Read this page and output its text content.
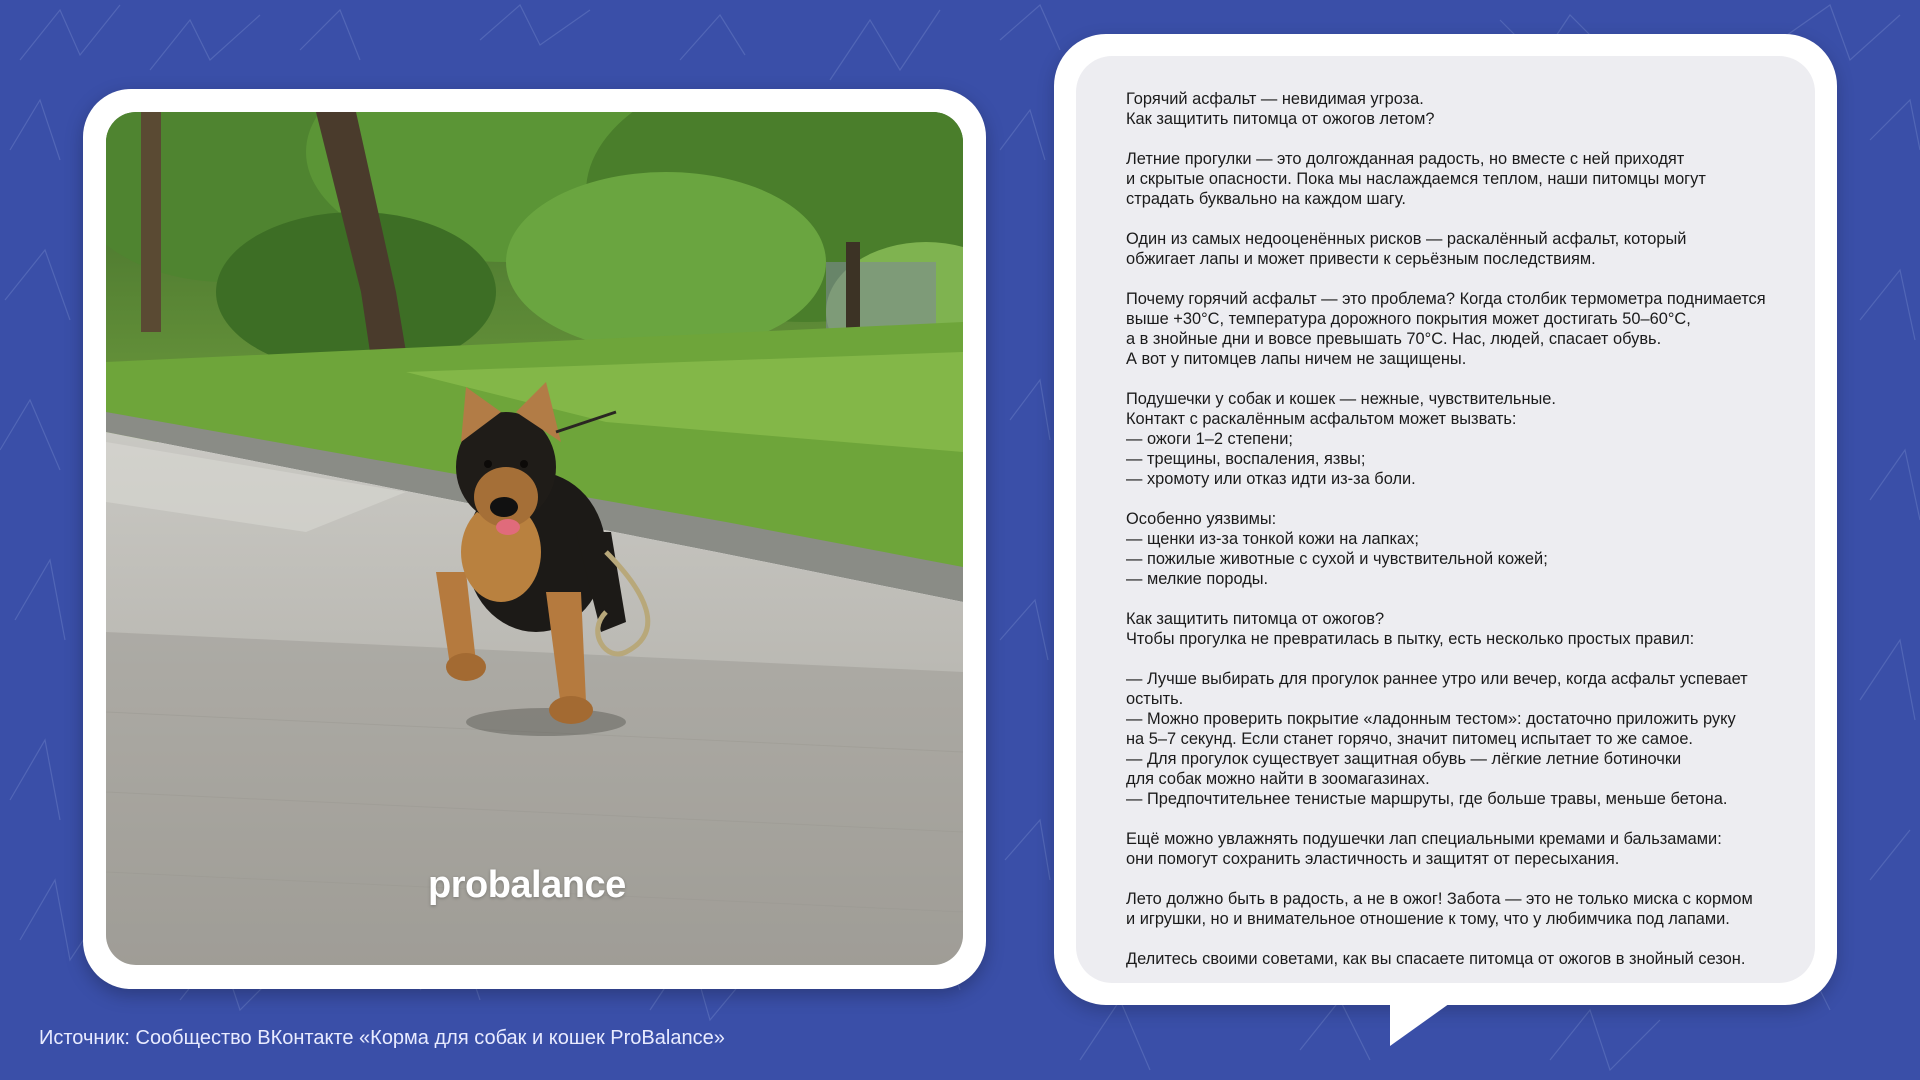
probalance

Горячий асфальт — невидимая угроза.
Как защитить питомца от ожогов летом?

Летние прогулки — это долгожданная радость, но вместе с ней приходят
и скрытые опасности. Пока мы наслаждаемся теплом, наши питомцы могут
страдать буквально на каждом шагу.

Один из самых недооценённых рисков — раскалённый асфальт, который
обжигает лапы и может привести к серьёзным последствиям.

Почему горячий асфальт — это проблема? Когда столбик термометра поднимается
выше +30°C, температура дорожного покрытия может достигать 50–60°C,
а в знойные дни и вовсе превышать 70°C. Нас, людей, спасает обувь.
А вот у питомцев лапы ничем не защищены.

Подушечки у собак и кошек — нежные, чувствительные.
Контакт с раскалённым асфальтом может вызвать:
— ожоги 1–2 степени;
— трещины, воспаления, язвы;
— хромоту или отказ идти из-за боли.

Особенно уязвимы:
— щенки из-за тонкой кожи на лапках;
— пожилые животные с сухой и чувствительной кожей;
— мелкие породы.

Как защитить питомца от ожогов?
Чтобы прогулка не превратилась в пытку, есть несколько простых правил:

— Лучше выбирать для прогулок раннее утро или вечер, когда асфальт успевает
остыть.
— Можно проверить покрытие «ладонным тестом»: достаточно приложить руку
на 5–7 секунд. Если станет горячо, значит питомец испытает то же самое.
— Для прогулок существует защитная обувь — лёгкие летние ботиночки
для собак можно найти в зоомагазинах.
— Предпочтительнее тенистые маршруты, где больше травы, меньше бетона.

Ещё можно увлажнять подушечки лап специальными кремами и бальзамами:
они помогут сохранить эластичность и защитят от пересыхания.

Лето должно быть в радость, а не в ожог! Забота — это не только миска с кормом
и игрушки, но и внимательное отношение к тому, что у любимчика под лапами.

Делитесь своими советами, как вы спасаете питомца от ожогов в знойный сезон.

Источник: Сообщество ВКонтакте «Корма для собак и кошек ProBalance»
